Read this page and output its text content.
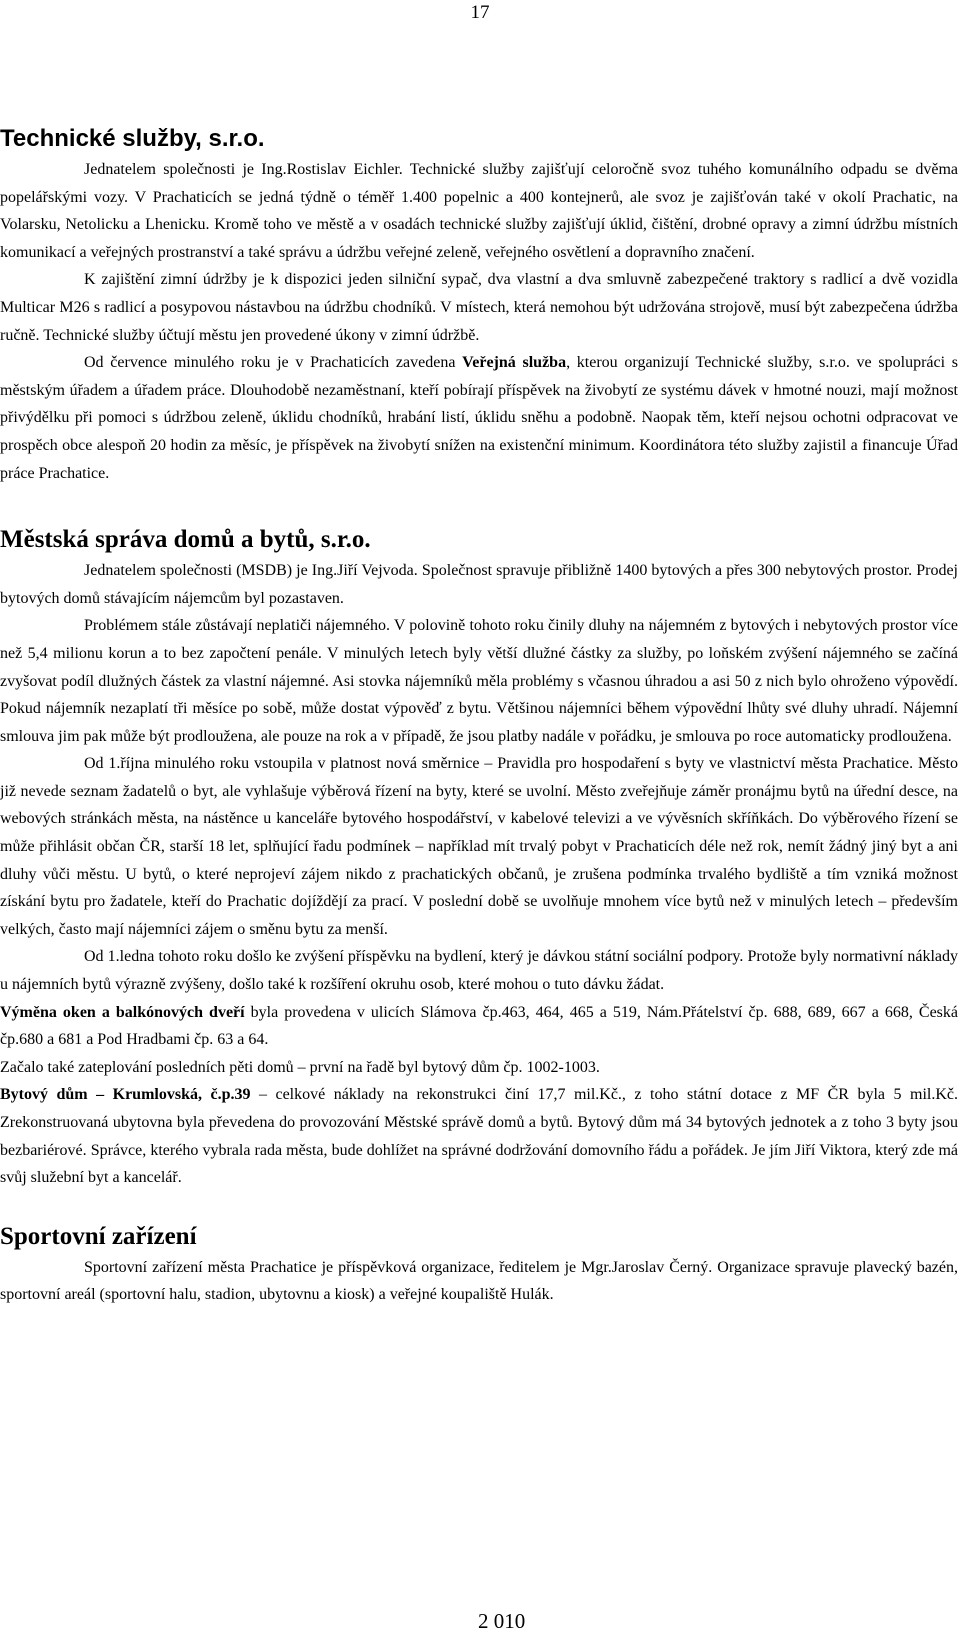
17
Technické služby, s.r.o.

Jednatelem společnosti je Ing.Rostislav Eichler. Technické služby zajišťují celoročně svoz tuhého komunálního odpadu se dvěma popelářskými vozy. V Prachaticích se jedná týdně o téměř 1.400 popelnic a 400 kontejnerů, ale svoz je zajišťován také v okolí Prachatic, na Volarsku, Netolicku a Lhenicku. Kromě toho ve městě a v osadách technické služby zajišťují úklid, čištění, drobné opravy a zimní údržbu místních komunikací a veřejných prostranství a také správu a údržbu veřejné zeleně, veřejného osvětlení a dopravního značení.

K zajištění zimní údržby je k dispozici jeden silniční sypač, dva vlastní a dva smluvně zabezpečené traktory s radlicí a dvě vozidla Multicar M26 s radlicí a posypovou nástavbou na údržbu chodníků. V místech, která nemohou být udržována strojově, musí být zabezpečena údržba ručně. Technické služby účtují městu jen provedené úkony v zimní údržbě.

Od července minulého roku je v Prachaticích zavedena Veřejná služba, kterou organizují Technické služby, s.r.o. ve spolupráci s městským úřadem a úřadem práce. Dlouhodobě nezaměstnaní, kteří pobírají příspěvek na živobytí ze systému dávek v hmotné nouzi, mají možnost přivýdělku při pomoci s údržbou zeleně, úklidu chodníků, hrabání listí, úklidu sněhu a podobně. Naopak těm, kteří nejsou ochotni odpracovat ve prospěch obce alespoň 20 hodin za měsíc, je příspěvek na živobytí snížen na existenční minimum. Koordinátora této služby zajistil a financuje Úřad práce Prachatice.

Městská správa domů a bytů, s.r.o.

Jednatelem společnosti (MSDB) je Ing.Jiří Vejvoda. Společnost spravuje přibližně 1400 bytových a přes 300 nebytových prostor. Prodej bytových domů stávajícím nájemcům byl pozastaven.

Problémem stále zůstávají neplatiči nájemného. V polovině tohoto roku činily dluhy na nájemném z bytových i nebytových prostor více než 5,4 milionu korun a to bez započtení penále. V minulých letech byly větší dlužné částky za služby, po loňském zvýšení nájemného se začíná zvyšovat podíl dlužných částek za vlastní nájemné. Asi stovka nájemníků měla problémy s včasnou úhradou a asi 50 z nich bylo ohroženo výpovědí. Pokud nájemník nezaplatí tři měsíce po sobě, může dostat výpověď z bytu. Většinou nájemníci během výpovědní lhůty své dluhy uhradí. Nájemní smlouva jim pak může být prodloužena, ale pouze na rok a v případě, že jsou platby nadále v pořádku, je smlouva po roce automaticky prodloužena.

Od 1.října minulého roku vstoupila v platnost nová směrnice – Pravidla pro hospodaření s byty ve vlastnictví města Prachatice. Město již nevede seznam žadatelů o byt, ale vyhlašuje výběrová řízení na byty, které se uvolní. Město zveřejňuje záměr pronájmu bytů na úřední desce, na webových stránkách města, na nástěnce u kanceláře bytového hospodářství, v kabelové televizi a ve vývěsních skříňkách. Do výběrového řízení se může přihlásit občan ČR, starší 18 let, splňující řadu podmínek – například mít trvalý pobyt v Prachaticích déle než rok, nemít žádný jiný byt a ani dluhy vůči městu. U bytů, o které neprojeví zájem nikdo z prachatických občanů, je zrušena podmínka trvalého bydliště a tím vzniká možnost získání bytu pro žadatele, kteří do Prachatic dojíždějí za prací. V poslední době se uvolňuje mnohem více bytů než v minulých letech – především velkých, často mají nájemníci zájem o směnu bytu za menší.

Od 1.ledna tohoto roku došlo ke zvýšení příspěvku na bydlení, který je dávkou státní sociální podpory. Protože byly normativní náklady u nájemních bytů výrazně zvýšeny, došlo také k rozšíření okruhu osob, které mohou o tuto dávku žádat.

Výměna oken a balkónových dveří byla provedena v ulicích Slámova čp.463, 464, 465 a 519, Nám.Přátelství čp. 688, 689, 667 a 668, Česká čp.680 a 681 a Pod Hradbami čp. 63 a 64.

Začalo také zateplování posledních pěti domů – první na řadě byl bytový dům čp. 1002-1003.

Bytový dům – Krumlovská, č.p.39 – celkové náklady na rekonstrukci činí 17,7 mil.Kč., z toho státní dotace z MF ČR byla 5 mil.Kč. Zrekonstruovaná ubytovna byla převedena do provozování Městské správě domů a bytů. Bytový dům má 34 bytových jednotek a z toho 3 byty jsou bezbariérové. Správce, kterého vybrala rada města, bude dohlížet na správné dodržování domovního řádu a pořádek. Je jím Jiří Viktora, který zde má svůj služební byt a kancelář.

Sportovní zařízení

Sportovní zařízení města Prachatice je příspěvková organizace, ředitelem je Mgr.Jaroslav Černý. Organizace spravuje plavecký bazén, sportovní areál (sportovní halu, stadion, ubytovnu a kiosk) a veřejné koupaliště Hulák.

2 010
